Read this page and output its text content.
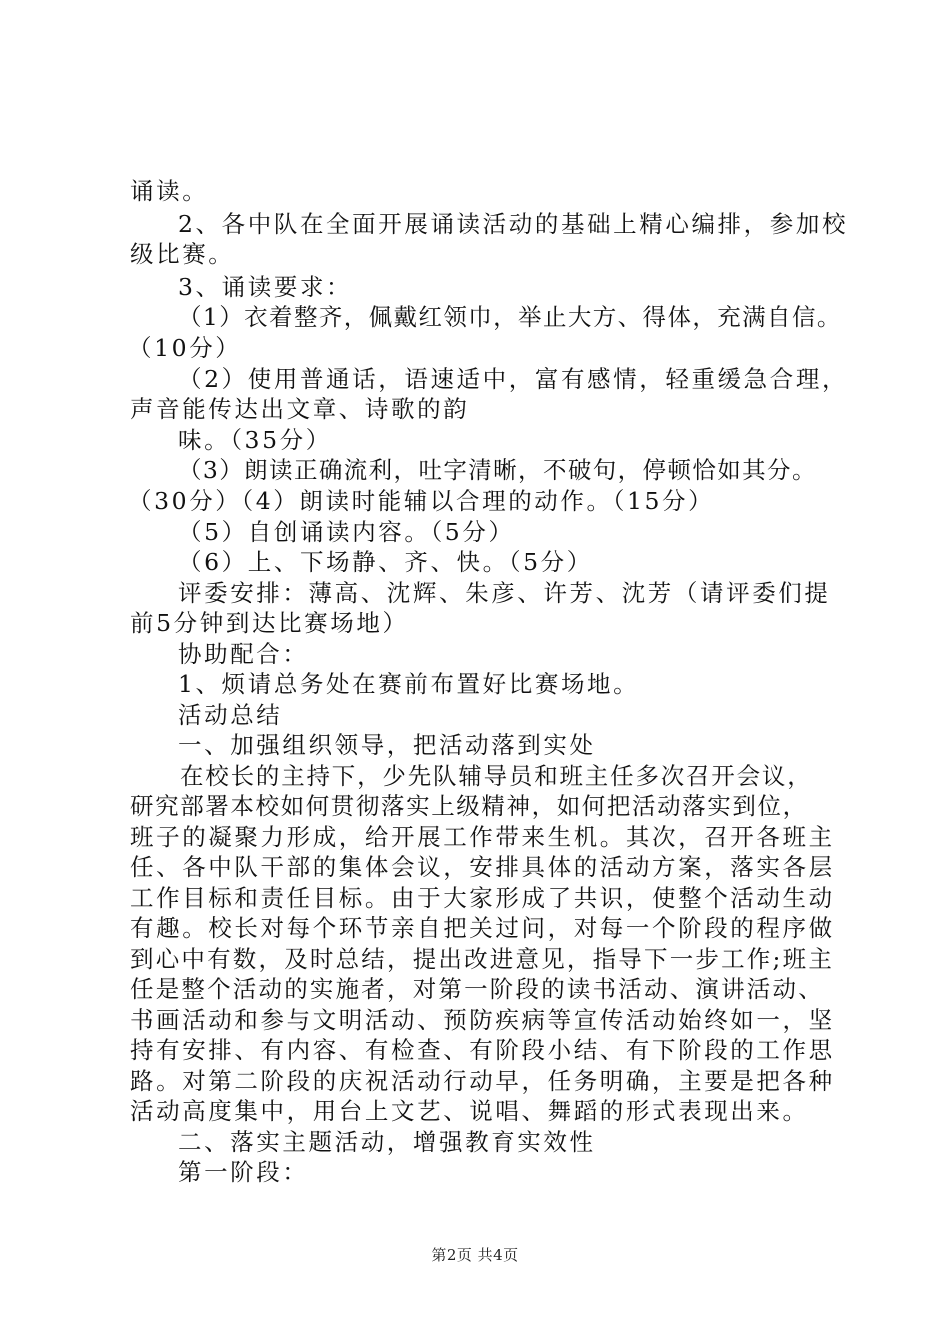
诵读。

2、各中队在全面开展诵读活动的基础上精心编排，参加校

级比赛。

3、诵读要求：

（1）衣着整齐，佩戴红领巾，举止大方、得体，充满自信。

（10分）

（2）使用普通话，语速适中，富有感情，轻重缓急合理，

声音能传达出文章、诗歌的韵

味。（35分）

（3）朗读正确流利，吐字清晰，不破句，停顿恰如其分。

（30分）（4）朗读时能辅以合理的动作。（15分）

（5）自创诵读内容。（5分）

（6）上、下场静、齐、快。（5分）

评委安排：薄高、沈辉、朱彦、许芳、沈芳（请评委们提

前5分钟到达比赛场地）

协助配合：

1、烦请总务处在赛前布置好比赛场地。

活动总结

一、加强组织领导，把活动落到实处

在校长的主持下，少先队辅导员和班主任多次召开会议，

研究部署本校如何贯彻落实上级精神，如何把活动落实到位，

班子的凝聚力形成，给开展工作带来生机。其次，召开各班主

任、各中队干部的集体会议，安排具体的活动方案，落实各层

工作目标和责任目标。由于大家形成了共识，使整个活动生动

有趣。校长对每个环节亲自把关过问，对每一个阶段的程序做

到心中有数，及时总结，提出改进意见，指导下一步工作;班主

任是整个活动的实施者，对第一阶段的读书活动、演讲活动、

书画活动和参与文明活动、预防疾病等宣传活动始终如一，坚

持有安排、有内容、有检查、有阶段小结、有下阶段的工作思

路。对第二阶段的庆祝活动行动早，任务明确，主要是把各种

活动高度集中，用台上文艺、说唱、舞蹈的形式表现出来。

二、落实主题活动，增强教育实效性

第一阶段：

第2页 共4页
